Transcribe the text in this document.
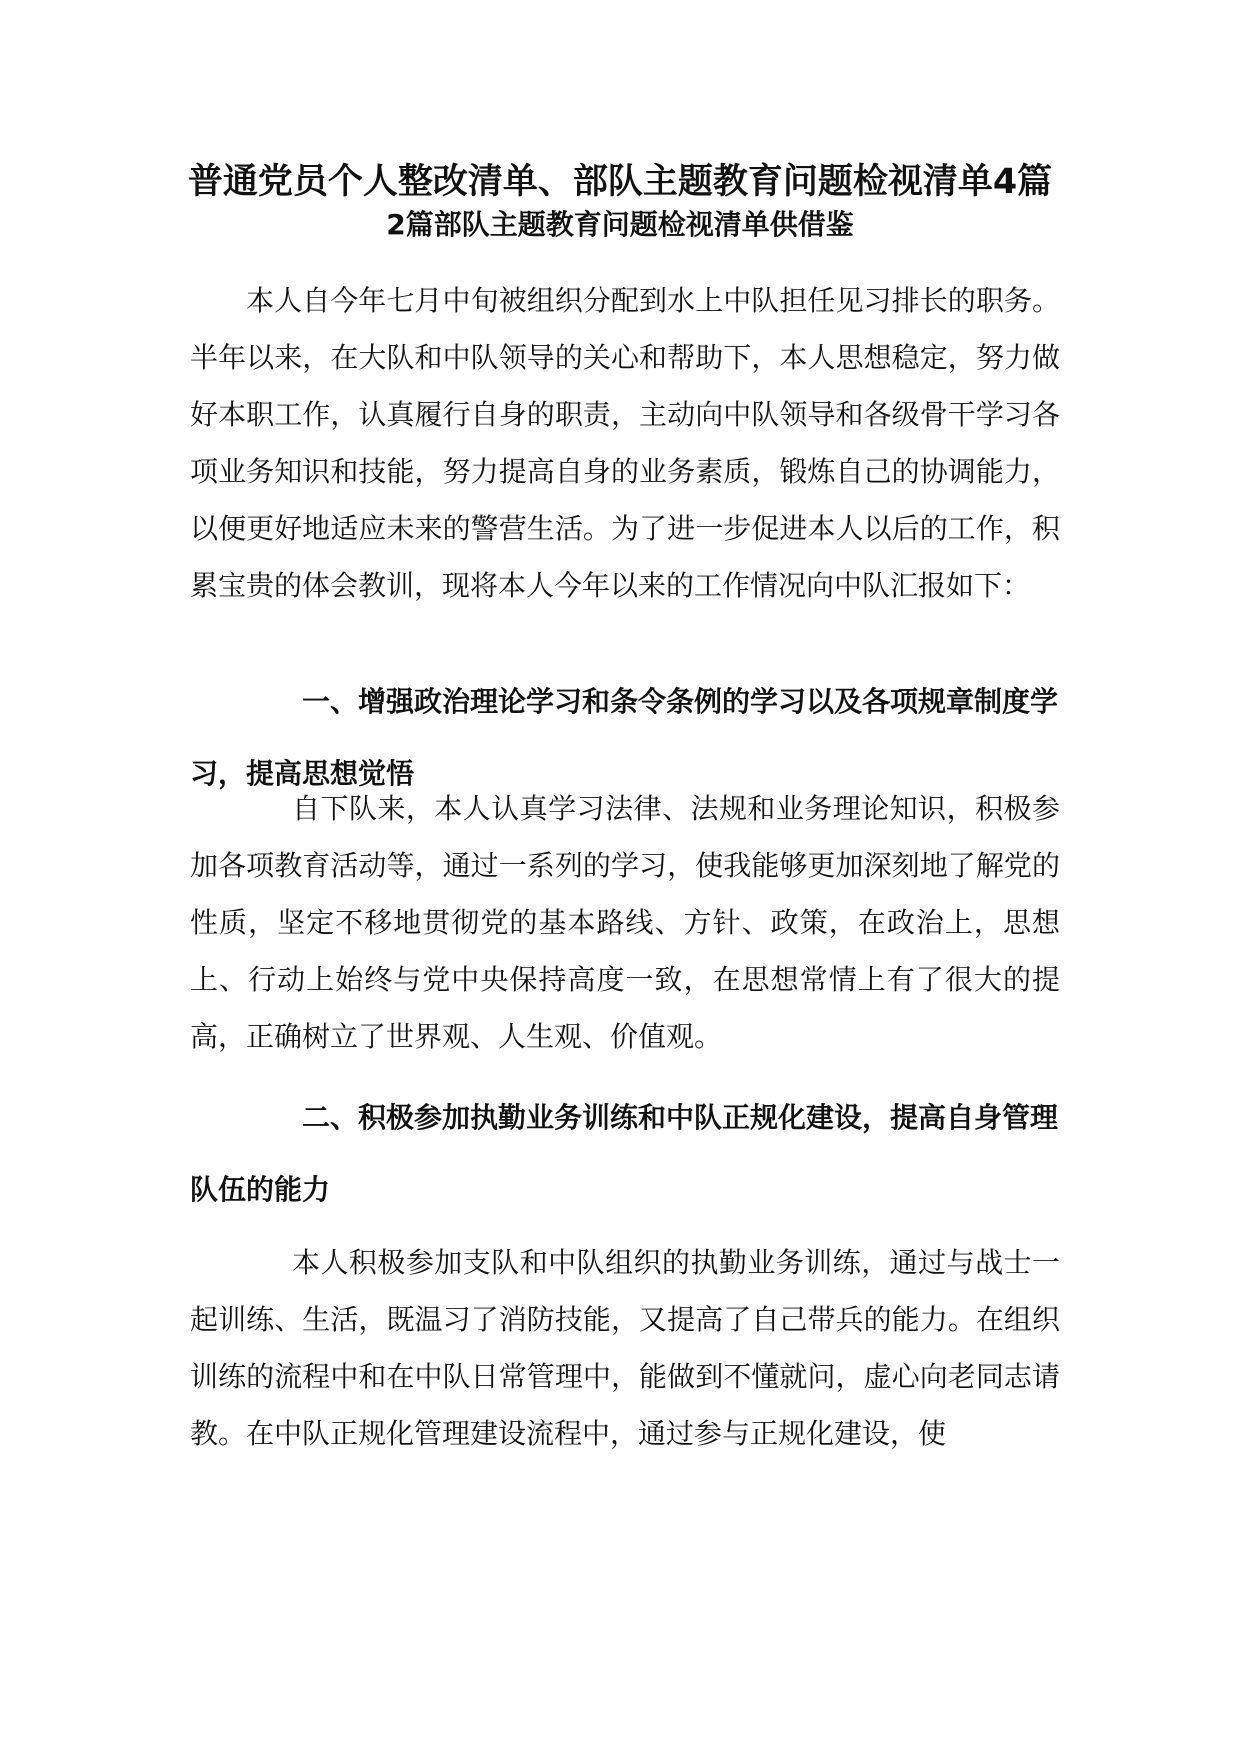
普通党员个人整改清单、部队主题教育问题检视清单4篇
2篇部队主题教育问题检视清单供借鉴

本人自今年七月中旬被组织分配到水上中队担任见习排长的职务。半年以来，在大队和中队领导的关心和帮助下，本人思想稳定，努力做好本职工作，认真履行自身的职责，主动向中队领导和各级骨干学习各项业务知识和技能，努力提高自身的业务素质，锻炼自己的协调能力，以便更好地适应未来的警营生活。为了进一步促进本人以后的工作，积累宝贵的体会教训，现将本人今年以来的工作情况向中队汇报如下：

一、增强政治理论学习和条令条例的学习以及各项规章制度学习，提高思想觉悟

自下队来，本人认真学习法律、法规和业务理论知识，积极参加各项教育活动等，通过一系列的学习，使我能够更加深刻地了解党的性质，坚定不移地贯彻党的基本路线、方针、政策，在政治上，思想上、行动上始终与党中央保持高度一致，在思想常情上有了很大的提高，正确树立了世界观、人生观、价值观。

二、积极参加执勤业务训练和中队正规化建设，提高自身管理队伍的能力

本人积极参加支队和中队组织的执勤业务训练，通过与战士一起训练、生活，既温习了消防技能，又提高了自己带兵的能力。在组织训练的流程中和在中队日常管理中，能做到不懂就问，虚心向老同志请教。在中队正规化管理建设流程中，通过参与正规化建设，使
